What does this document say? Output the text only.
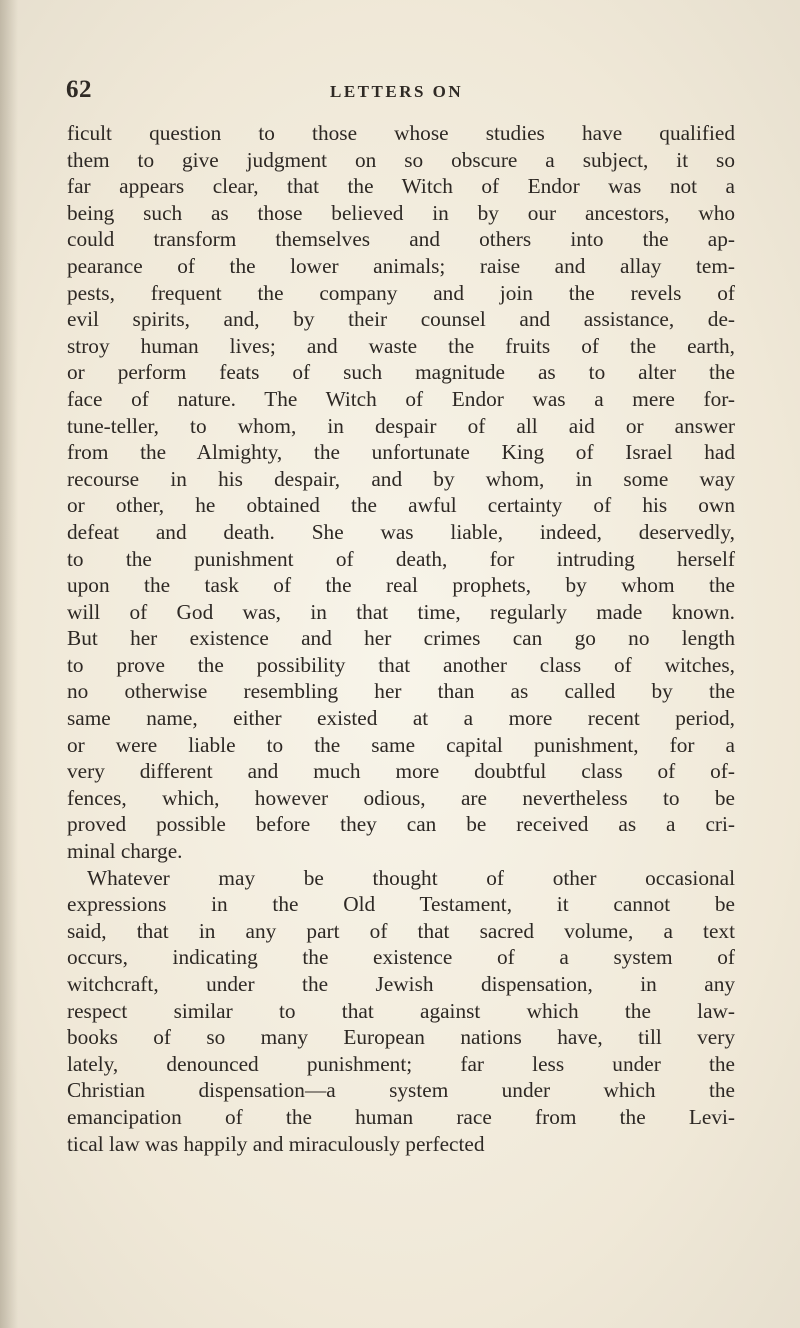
62	LETTERS ON
ficult question to those whose studies have qualified
them to give judgment on so obscure a subject, it so
far appears clear, that the Witch of Endor was not a
being such as those believed in by our ancestors, who
could transform themselves and others into the ap-
pearance of the lower animals; raise and allay tem-
pests, frequent the company and join the revels of
evil spirits, and, by their counsel and assistance, de-
stroy human lives; and waste the fruits of the earth,
or perform feats of such magnitude as to alter the
face of nature. The Witch of Endor was a mere for-
tune-teller, to whom, in despair of all aid or answer
from the Almighty, the unfortunate King of Israel had
recourse in his despair, and by whom, in some way
or other, he obtained the awful certainty of his own
defeat and death. She was liable, indeed, deservedly,
to the punishment of death, for intruding herself
upon the task of the real prophets, by whom the
will of God was, in that time, regularly made known.
But her existence and her crimes can go no length
to prove the possibility that another class of witches,
no otherwise resembling her than as called by the
same name, either existed at a more recent period,
or were liable to the same capital punishment, for a
very different and much more doubtful class of of-
fences, which, however odious, are nevertheless to be
proved possible before they can be received as a cri-
minal charge.
Whatever may be thought of other occasional
expressions in the Old Testament, it cannot be
said, that in any part of that sacred volume, a text
occurs, indicating the existence of a system of
witchcraft, under the Jewish dispensation, in any
respect similar to that against which the law-
books of so many European nations have, till very
lately, denounced punishment; far less under the
Christian dispensation—a system under which the
emancipation of the human race from the Levi-
tical law was happily and miraculously perfected
